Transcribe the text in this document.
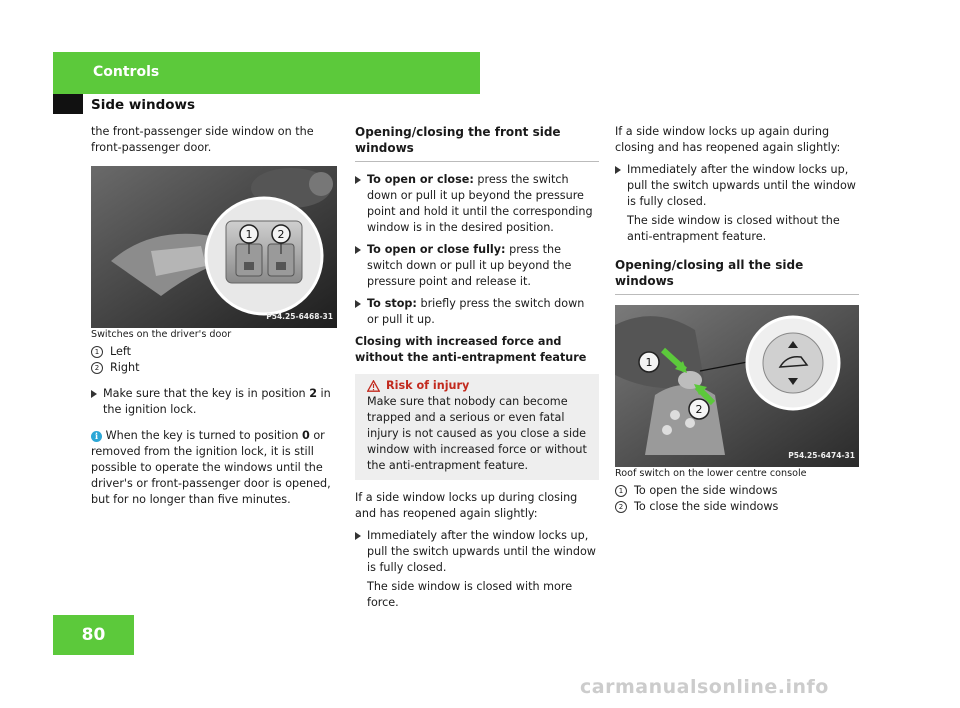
Controls
Side windows

the front-passenger side window on the front-passenger door.

1 2
P54.25-6468-31

Switches on the driver's door

1 Left

2 Right

Make sure that the key is in position 2 in the ignition lock.

i When the key is turned to position 0 or removed from the ignition lock, it is still possible to operate the windows until the driver's or front-passenger door is opened, but for no longer than five minutes.

Opening/closing the front side windows

To open or close: press the switch down or pull it up beyond the pressure point and hold it until the corresponding window is in the desired position.

To open or close fully: press the switch down or pull it up beyond the pressure point and release it.

To stop: briefly press the switch down or pull it up.

Closing with increased force and without the anti-entrapment feature

Risk of injury

Make sure that nobody can become trapped and a serious or even fatal injury is not caused as you close a side window with increased force or without the anti-entrapment feature.

If a side window locks up during closing and has reopened again slightly:

Immediately after the window locks up, pull the switch upwards until the window is fully closed.

The side window is closed with more force.

If a side window locks up again during closing and has reopened again slightly:

Immediately after the window locks up, pull the switch upwards until the window is fully closed.

The side window is closed without the anti-entrapment feature.

Opening/closing all the side windows
1
2
P54.25-6474-31

Roof switch on the lower centre console

1 To open the side windows

2 To close the side windows

80
carmanualsonline.info
